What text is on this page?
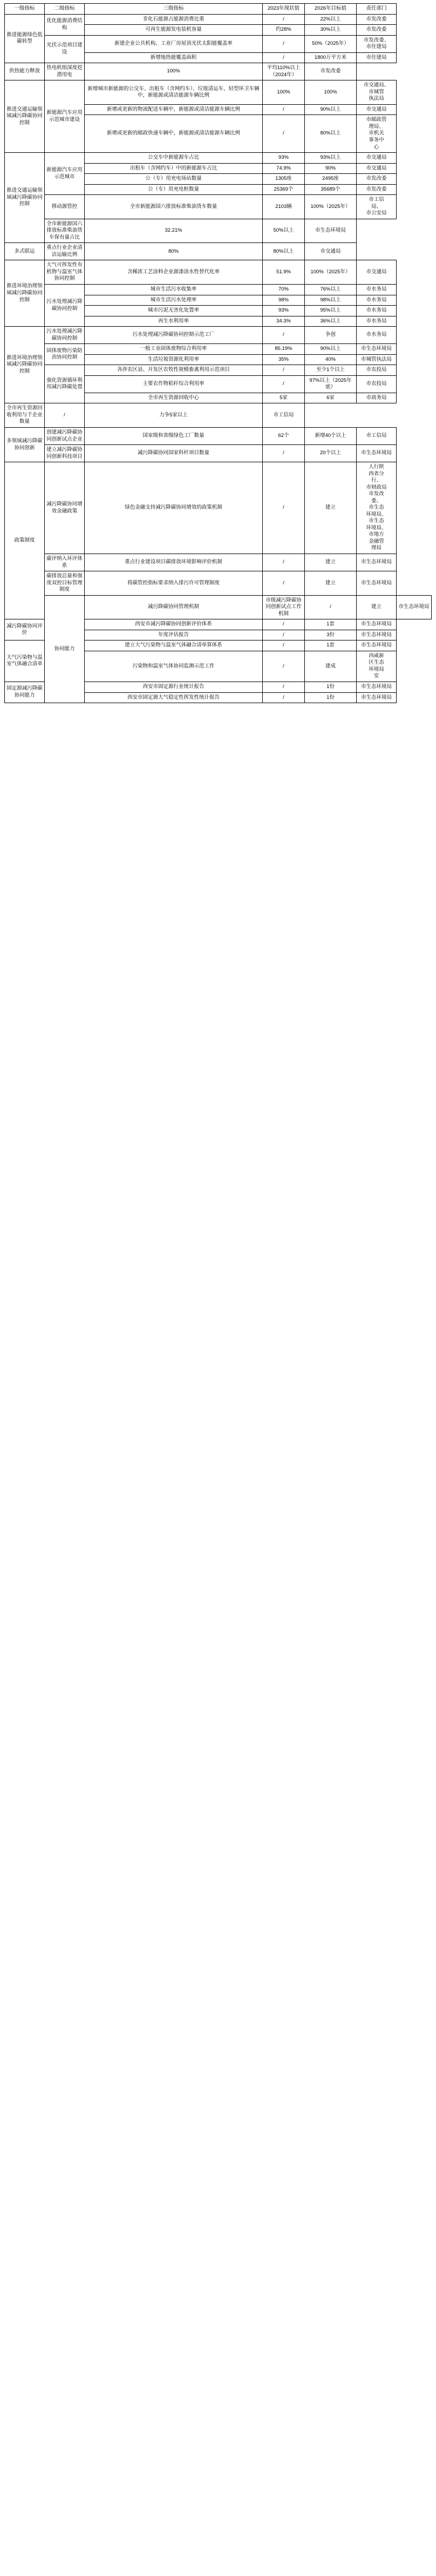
一级指标	二级指标	三级指标	2023年现状值	2026年目标值	责任部门	
推进能源绿色低碳转型	优化能源消费结构	非化石能源占能源消费比重	/	22%以上	市发改委	
		可再生能源发电装机容量	约28%	30%以上	市发改委	
	光伏示范项目建设	新建企业公共机构、工业厂房屋顶光伏太阳能覆盖率	/	50%（2025年）	市发改委、
市住建局	

		新增地热能覆盖面积	/	1800万平方米	市住建局	
供热能力释放	热电机组深度挖潜用电	100%	平均110%以上（2024年）	市发改委		
推进交通运输领域减污降碳协同控制	新能源汽车应用示范城市建设	新增城市新能源的公交车、出租车（含网约车）、垃圾清运车、轻型环卫车辆中，新能源或清洁能源车辆比例	100%	100%	市交通局、
市城管
执法局	

		新增或更新的物流配送车辆中，新能源或清洁能源车辆比例	/	90%以上	市交通局	
		新增或更新的邮政快递车辆中，新能源或清洁能源车辆比例	/	80%以上	市邮政管
理局、
市机关
事务中
心	

推进交通运输领域减污降碳协同控制	新能源汽车应用示范城市	公交车中新能源车占比	93%	93%以上	市交通局	
		出租车（含网约车）中的新能源车占比	74.9%	90%	市交通局	
		公（专）用充电场站数量	1305座	2495座	市发改委	
		公（专）用充电桩数量	25369个	35689个	市发改委	
	移动源管控	全市新能源国六排放标准柴油货车数量	2103辆	100%（2025年）	市工信
局、
市公安局	

	全市新能源国六排放标准柴油货车保有量占比	32.21%	50%以上	市生态环境局		
多式联运	重点行业企业清洁运输比例	80%	80%以上	市交通局		
推进环境治理领域减污降碳协同控制	大气可挥发性有机物与温室气体协同控制	含稀浓工艺涂料企业源漆涂水性替代化率	51.9%	100%（2025年）	市交通局	
	污水处理减污降碳协同控制	城市生活污水收集率	70%	76%以上	市水务局	
		城市生活污水处理率	98%	98%以上	市水务局	
		城市污泥无害化处置率	93%	95%以上	市水务局	
		再生水利用率	34.3%	36%以上	市水务局	
推进环境治理领域减污降碳协同控制	污水处理减污降碳协同控制	污水处理减污降碳协同控制示范工厂	/	争创	市水务局	
	固体废物污染防治协同控制	一般工业固体废物综合利用率	85.19%	90%以上	市生态环境局	
		生活垃圾资源化利用率	35%	40%	市城管执法局	
	强化资源循环利用减污降碳处置	各涉农区县、开发区农牧性规模畜禽利用示范项目	/	至少1个以上	市农投局	
		主要农作物秸秆综合利用率	/	97%以上（2025年底）	市农投局	
		全市再生资源回收中心	5家	6家	市商务局	
全市再生资源回收利用与千企业数量	/	力争5家以上	市工信局			
多领域减污降碳协同创新	创建减污降碳协同创新试点企业	国家级和省级绿色工厂数量	62个	新增40个以上	市工信局	
	建立减污降碳协同创新科技项目	减污降碳协同国家科杆项目数量	/	20个以上	市生态环境局	
政策制度	减污降碳协同增效金融政策	绿色金融支持减污降碳协同增效的政策机制	/	建立	
人行陕
西省分
行、
市财政局
市发改
委、
市生态
环境局、
市生态
环境局、
市地方
金融管
理局

	碳评纳入环评体系	重点行业建设项目碳排放环境影响评价机制	/	建立	市生态环境局	
	碳排放总量和强度双控目标管理制度	将碳管控指标要求纳入排污许可管理制度	/	建立	市生态环境局	
	协同能力	减污降碳协同管理机制	市级减污降碳协同创新试点工作机制	/	建立	市生态环境局
减污降碳协同评价		西安市减污降碳协同创新评价体系	/	1套	市生态环境局	
		年度评估报告	/	3份	市生态环境局	
大气污染物与温室气体融合清单		建立大气污染物与温室气体融合清单算体系	/	1套	市生态环境局	
		污染物和温室气体协同监测示范工作	/	建成	西咸新
区生态
环境局
安	

固定源减污降碳协同能力		西安市固定源行业统计报告	/	1份	市生态环境局	
		西安市固定源大气稳定性挥发性统计报告	/	1份	市生态环境局	
